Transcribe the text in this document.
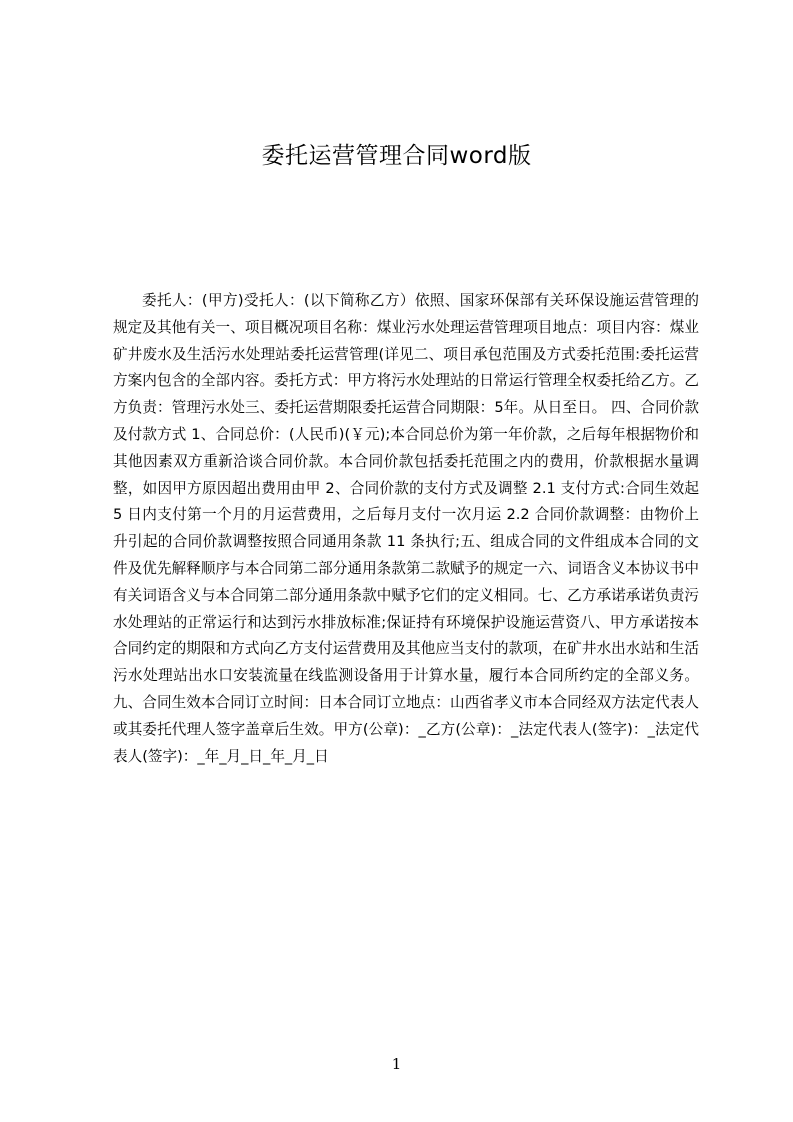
委托运营管理合同word版

委托人：(甲方)受托人：(以下简称乙方）依照、国家环保部有关环保设施运营管理的规定及其他有关一、项目概况项目名称：煤业污水处理运营管理项目地点：项目内容：煤业矿井废水及生活污水处理站委托运营管理(详见二、项目承包范围及方式委托范围:委托运营方案内包含的全部内容。委托方式：甲方将污水处理站的日常运行管理全权委托给乙方。乙方负责：管理污水处三、委托运营期限委托运营合同期限：5年。从日至日。 四、合同价款及付款方式 1、合同总价：(人民币)(￥元);本合同总价为第一年价款，之后每年根据物价和其他因素双方重新洽谈合同价款。本合同价款包括委托范围之内的费用，价款根据水量调整，如因甲方原因超出费用由甲 2、合同价款的支付方式及调整 2.1 支付方式:合同生效起 5 日内支付第一个月的月运营费用，之后每月支付一次月运 2.2 合同价款调整：由物价上升引起的合同价款调整按照合同通用条款 11 条执行;五、组成合同的文件组成本合同的文件及优先解释顺序与本合同第二部分通用条款第二款赋予的规定一六、词语含义本协议书中有关词语含义与本合同第二部分通用条款中赋予它们的定义相同。七、乙方承诺承诺负责污水处理站的正常运行和达到污水排放标准;保证持有环境保护设施运营资八、甲方承诺按本合同约定的期限和方式向乙方支付运营费用及其他应当支付的款项，在矿井水出水站和生活污水处理站出水口安装流量在线监测设备用于计算水量，履行本合同所约定的全部义务。九、合同生效本合同订立时间：日本合同订立地点：山西省孝义市本合同经双方法定代表人或其委托代理人签字盖章后生效。甲方(公章)：_乙方(公章)：_法定代表人(签字)：_法定代表人(签字)：_年_月_日_年_月_日

1
